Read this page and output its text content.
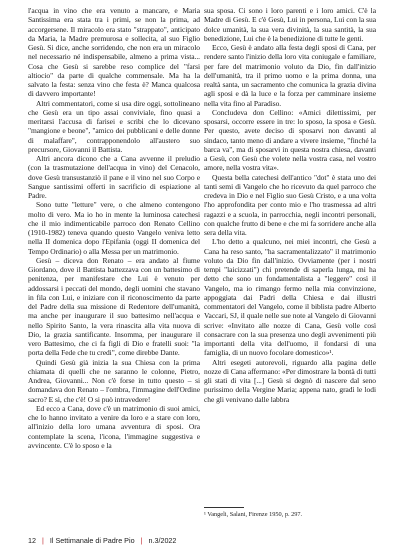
l'acqua in vino che era venuto a mancare, e Maria Santissima era stata tra i primi, se non la prima, ad accorgersene. Il miracolo era stato "strappato", anticipato da Maria, la Madre premurosa e sollecita, al suo Figlio Gesù. Si dice, anche sorridendo, che non era un miracolo nel necessario né indispensabile, almeno a prima vista... Cosa che Gesù si sarebbe reso complice del "farsi altiocio" da parte di qualche commensale. Ma ha la salvato la festa: senza vino che festa è? Manca qualcosa di davvero importante!

Altri commentatori, come si usa dire oggi, sottolineano che Gesù era un tipo assai conviviale, fino quasi a meritarsi l'accusa di farisei e scribi che lo dicevano "mangione e beone", "amico dei pubblicani e delle donne di malaffare", contrapponendolo all'austero suo precursore, Giovanni il Battista.

Altri ancora dicono che a Cana avvenne il preludio (con la trasmutazione dell'acqua in vino) del Cenacolo, dove Gesù transustanziò il pane e il vino nel suo Corpo e Sangue santissimi offerti in sacrificio di espiazione al Padre.

Sono tutte "letture" vere, o che almeno contengono molto di vero. Ma io ho in mente la luminosa catechesi che il mio indimenticabile parroco don Renato Cellino (1910-1982) teneva quando questo Vangelo veniva letto nella II domenica dopo l'Epifania (oggi II domenica del Tempo Ordinario) o alla Messa per un matrimonio.

Gesù – diceva don Renato – era andato al fiume Giordano, dove il Battista battezzava con un battesimo di penitenza, per manifestare che Lui è venuto per addossarsi i peccati del mondo, degli uomini che stavano in fila con Lui, e iniziare con il riconoscimento da parte del Padre della sua missione di Redentore dell'umanità, ma anche per inaugurare il suo battesimo nell'acqua e nello Spirito Santo, la vera rinascita alla vita nuova di Dio, la grazia santificante. Insomma, per inaugurare il vero Battesimo, che ci fa figli di Dio e fratelli suoi: "la porta della Fede che tu credi", come direbbe Dante.

Quindi Gesù già inizia la sua Chiesa con la prima chiamata di quelli che ne saranno le colonne, Pietro, Andrea, Giovanni... Non c'è forse in tutto questo – si domandava don Renato – l'ombra, l'immagine dell'Ordine sacro? E sì, che c'è! O si può intravedere!

Ed ecco a Cana, dove c'è un matrimonio di suoi amici, che lo hanno invitato a venire da loro e a stare con loro, all'inizio della loro umana avventura di sposi. Ora contemplate la scena, l'icona, l'immagine suggestiva e avvincente. C'è lo sposo e la

sua sposa. Ci sono i loro parenti e i loro amici. C'è la Madre di Gesù. E c'è Gesù, Lui in persona, Lui con la sua dolce umanità, la sua vera divinità, la sua santità, la sua benedizione, Lui che è la benedizione di tutte le genti.

Ecco, Gesù è andato alla festa degli sposi di Cana, per rendere santo l'inizio della loro vita coniugale e familiare, per fare del matrimonio voluto da Dio, fin dall'inizio dell'umanità, tra il primo uomo e la prima donna, una realtà santa, un sacramento che comunica la grazia divina agli sposi e dà la luce e la forza per camminare insieme nella vita fino al Paradiso.

Concludeva don Cellino: «Amici dilettissimi, per sposarsi, occorre essere in tre: lo sposo, la sposa e Gesù. Per questo, avete deciso di sposarvi non davanti al sindaco, tanto meno di andare a vivere insieme, "finché la barca va", ma di sposarvi in questa nostra chiesa, davanti a Gesù, con Gesù che volete nella vostra casa, nel vostro amore, nella vostra vita».

Questa bella catechesi dell'antico "dot" è stata uno dei tanti semi di Vangelo che ho ricevuto da quel parroco che credeva in Dio e nel Figlio suo Gesù Cristo, e a una volta l'ho approfondita per conto mio e l'ho trasmessa ad altri ragazzi e a scuola, in parrocchia, negli incontri personali, con qualche frutto di bene e che mi fa sorridere anche alla sera della vita.

L'ho detto a qualcuno, nei miei incontri, che Gesù a Cana ha reso santo, "ha sacramentalizzato" il matrimonio voluto da Dio fin dall'inizio. Ovviamente (per i nostri tempi "laicizzati") chi pretende di saperla lunga, mi ha detto che sono un fondamentalista a "leggere" così il Vangelo, ma io rimango fermo nella mia convinzione, appoggiata dai Padri della Chiesa e dai illustri commentatori del Vangelo, come il biblista padre Alberto Vaccari, SJ, il quale nelle sue note al Vangelo di Giovanni scrive: «Invitato alle nozze di Cana, Gesù volle così consacrare con la sua presenza uno degli avvenimenti più importanti della vita dell'uomo, il fondarsi di una famiglia, di un nuovo focolare domestico»¹.

Altri esegeti autorevoli, riguardo alla pagina delle nozze di Cana affermano: «Per dimostrare la bontà di tutti gli stati di vita [...] Gesù si degnò di nascere dal seno purissimo della Vergine Maria; appena nato, gradì le lodi che gli venivano dalle labbra

¹ Vangeli, Salani, Firenze 1950, p. 297.
12 | Il Settimanale di Padre Pio | n.3/2022
